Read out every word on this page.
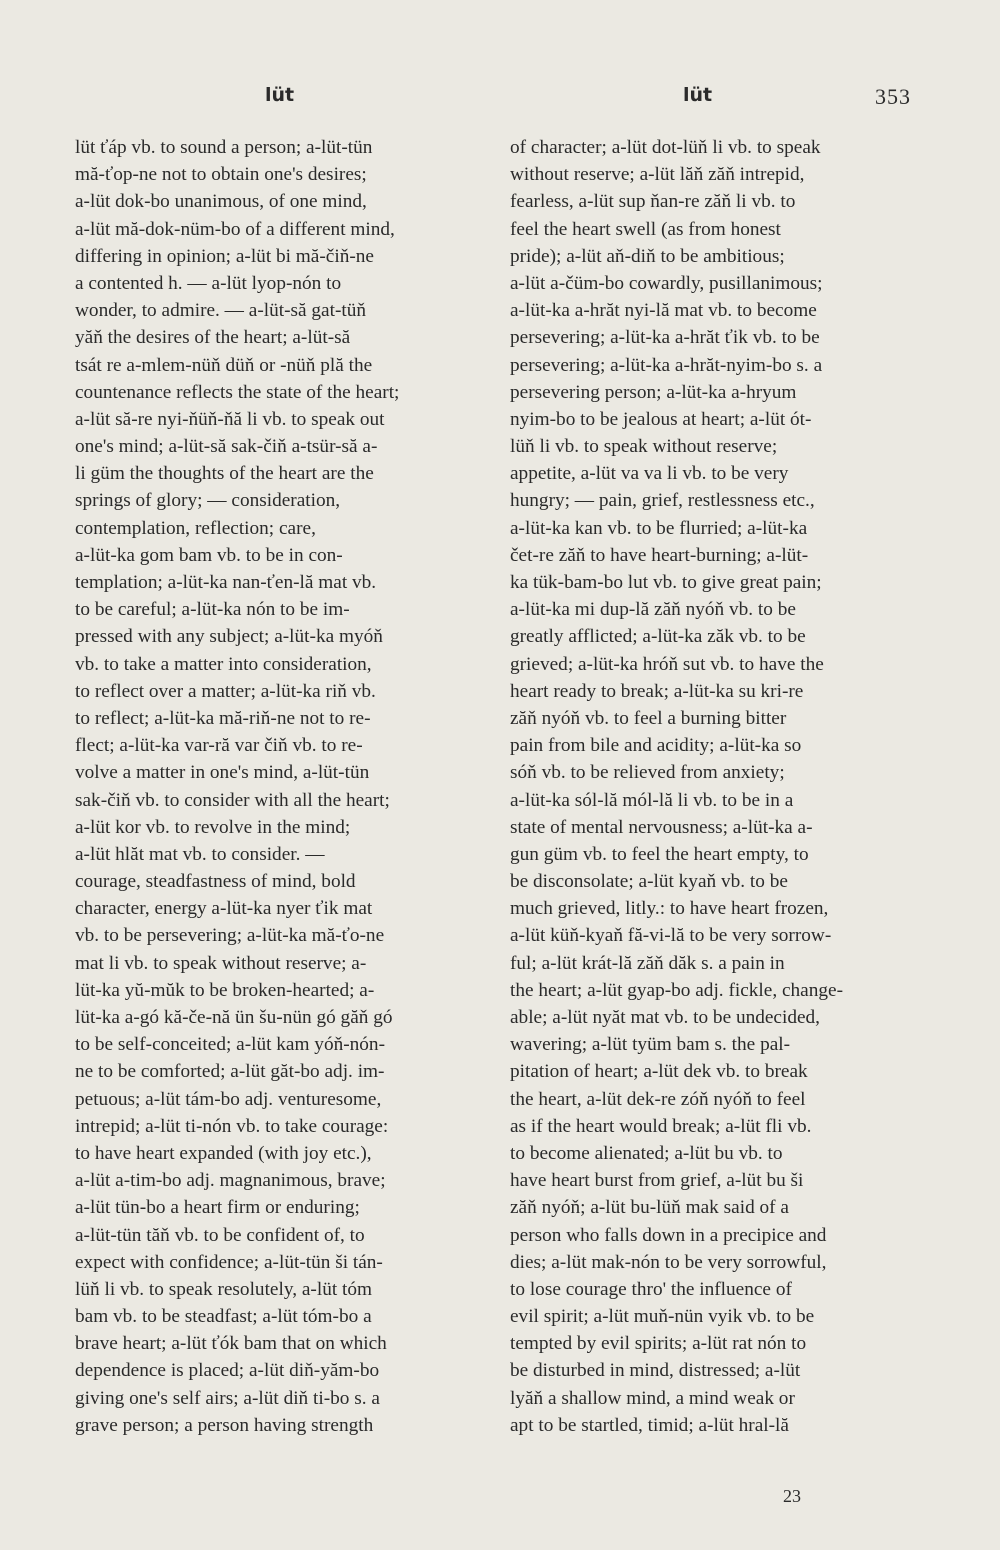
lüt	lüt	353
lüt ťáp vb. to sound a person; a-lüt-tün
mă-ťop-ne not to obtain one's desires;
a-lüt dok-bo unanimous, of one mind,
a-lüt mă-dok-nüm-bo of a different mind,
differing in opinion; a-lüt bi mă-čiň-ne
a contented h. — a-lüt lyop-nón to
wonder, to admire. — a-lüt-să gat-tüň
yăň the desires of the heart; a-lüt-să
tsát re a-mlem-nüň düň or -nüň plă the
countenance reflects the state of the heart;
a-lüt să-re nyi-ňüň-ňă li vb. to speak out
one's mind; a-lüt-să sak-čiň a-tsür-să a-
li güm the thoughts of the heart are the
springs of glory; — consideration,
contemplation, reflection; care,
a-lüt-ka gom bam vb. to be in con-
templation; a-lüt-ka nan-ťen-lă mat vb.
to be careful; a-lüt-ka nón to be im-
pressed with any subject; a-lüt-ka myóň
vb. to take a matter into consideration,
to reflect over a matter; a-lüt-ka riň vb.
to reflect; a-lüt-ka mă-riň-ne not to re-
flect; a-lüt-ka var-ră var čiň vb. to re-
volve a matter in one's mind, a-lüt-tün
sak-čiň vb. to consider with all the heart;
a-lüt kor vb. to revolve in the mind;
a-lüt hlăt mat vb. to consider. —
courage, steadfastness of mind, bold
character, energy a-lüt-ka nyer ťik mat
vb. to be persevering; a-lüt-ka mă-ťo-ne
mat li vb. to speak without reserve; a-
lüt-ka yŭ-mŭk to be broken-hearted; a-
lüt-ka a-gó kă-če-nă ün šu-nün gó găň gó
to be self-conceited; a-lüt kam yóň-nón-
ne to be comforted; a-lüt găt-bo adj. im-
petuous; a-lüt tám-bo adj. venturesome,
intrepid; a-lüt ti-nón vb. to take courage:
to have heart expanded (with joy etc.),
a-lüt a-tim-bo adj. magnanimous, brave;
a-lüt tün-bo a heart firm or enduring;
a-lüt-tün tăň vb. to be confident of, to
expect with confidence; a-lüt-tün ši tán-
lüň li vb. to speak resolutely, a-lüt tóm
bam vb. to be steadfast; a-lüt tóm-bo a
brave heart; a-lüt ťók bam that on which
dependence is placed; a-lüt diň-yăm-bo
giving one's self airs; a-lüt diň ti-bo s. a
grave person; a person having strength
of character; a-lüt dot-lüň li vb. to speak
without reserve; a-lüt lăň zăň intrepid,
fearless, a-lüt sup ňan-re zăň li vb. to
feel the heart swell (as from honest
pride); a-lüt aň-diň to be ambitious;
a-lüt a-čüm-bo cowardly, pusillanimous;
a-lüt-ka a-hrăt nyi-lă mat vb. to become
persevering; a-lüt-ka a-hrăt ťik vb. to be
persevering; a-lüt-ka a-hrăt-nyim-bo s. a
persevering person; a-lüt-ka a-hryum
nyim-bo to be jealous at heart; a-lüt ót-
lüň li vb. to speak without reserve;
appetite, a-lüt va va li vb. to be very
hungry; — pain, grief, restlessness etc.,
a-lüt-ka kan vb. to be flurried; a-lüt-ka
čet-re zăň to have heart-burning; a-lüt-
ka tük-bam-bo lut vb. to give great pain;
a-lüt-ka mi dup-lă zăň nyóň vb. to be
greatly afflicted; a-lüt-ka zăk vb. to be
grieved; a-lüt-ka hróň sut vb. to have the
heart ready to break; a-lüt-ka su kri-re
zăň nyóň vb. to feel a burning bitter
pain from bile and acidity; a-lüt-ka so
sóň vb. to be relieved from anxiety;
a-lüt-ka sól-lă mól-lă li vb. to be in a
state of mental nervousness; a-lüt-ka a-
gun güm vb. to feel the heart empty, to
be disconsolate; a-lüt kyaň vb. to be
much grieved, litly.: to have heart frozen,
a-lüt küň-kyaň fă-vi-lă to be very sorrow-
ful; a-lüt krát-lă zăň dăk s. a pain in
the heart; a-lüt gyap-bo adj. fickle, change-
able; a-lüt nyăt mat vb. to be undecided,
wavering; a-lüt tyüm bam s. the pal-
pitation of heart; a-lüt dek vb. to break
the heart, a-lüt dek-re zóň nyóň to feel
as if the heart would break; a-lüt fli vb.
to become alienated; a-lüt bu vb. to
have heart burst from grief, a-lüt bu ši
zăň nyóň; a-lüt bu-lüň mak said of a
person who falls down in a precipice and
dies; a-lüt mak-nón to be very sorrowful,
to lose courage thro' the influence of
evil spirit; a-lüt muň-nün vyik vb. to be
tempted by evil spirits; a-lüt rat nón to
be disturbed in mind, distressed; a-lüt
lyăň a shallow mind, a mind weak or
apt to be startled, timid; a-lüt hral-lă
23
